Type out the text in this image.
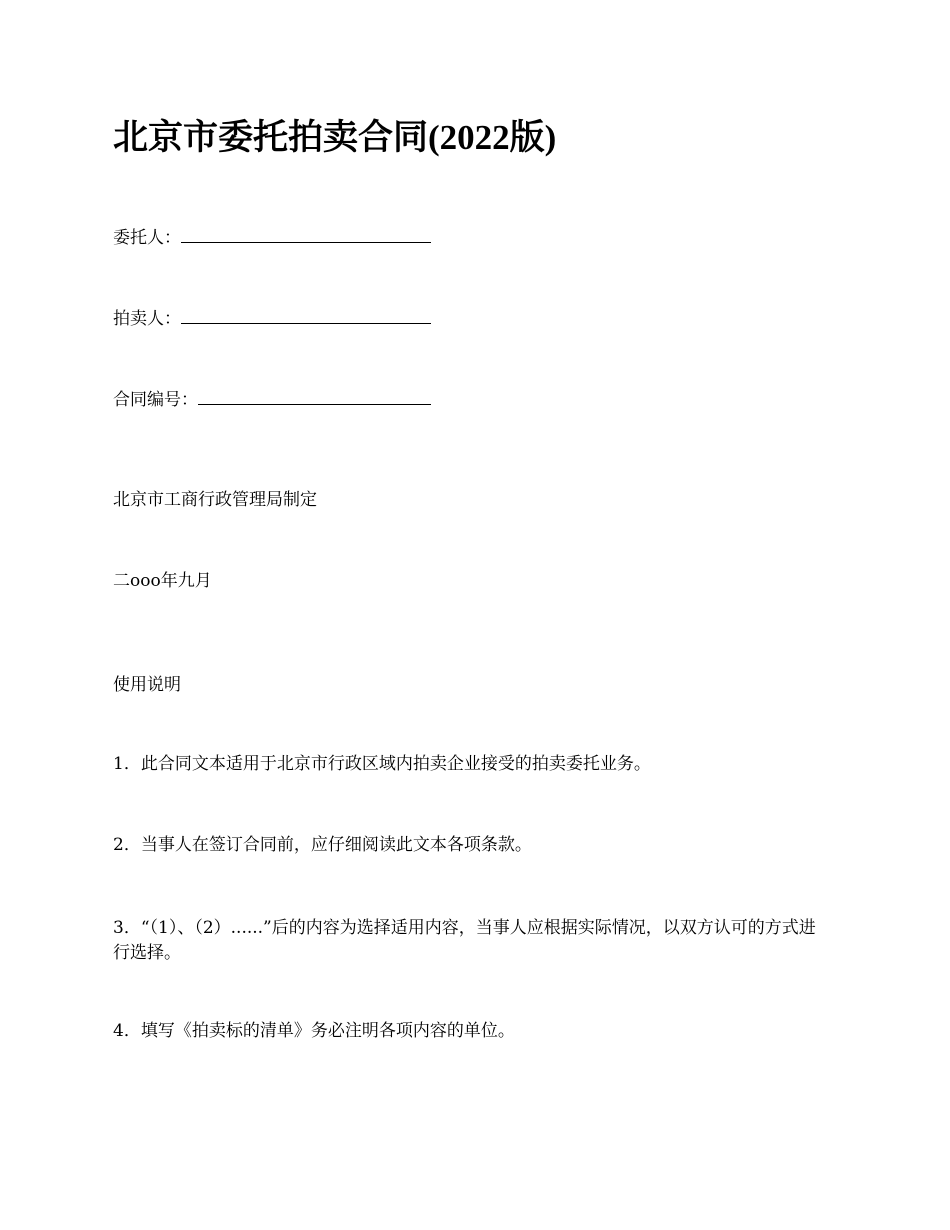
北京市委托拍卖合同(2022版)
委托人：
拍卖人：
合同编号：
北京市工商行政管理局制定
二ooo年九月
使用说明
1．此合同文本适用于北京市行政区域内拍卖企业接受的拍卖委托业务。
2．当事人在签订合同前，应仔细阅读此文本各项条款。
3．“（1）、（2）......”后的内容为选择适用内容，当事人应根据实际情况，以双方认可的方式进行选择。
4．填写《拍卖标的清单》务必注明各项内容的单位。
